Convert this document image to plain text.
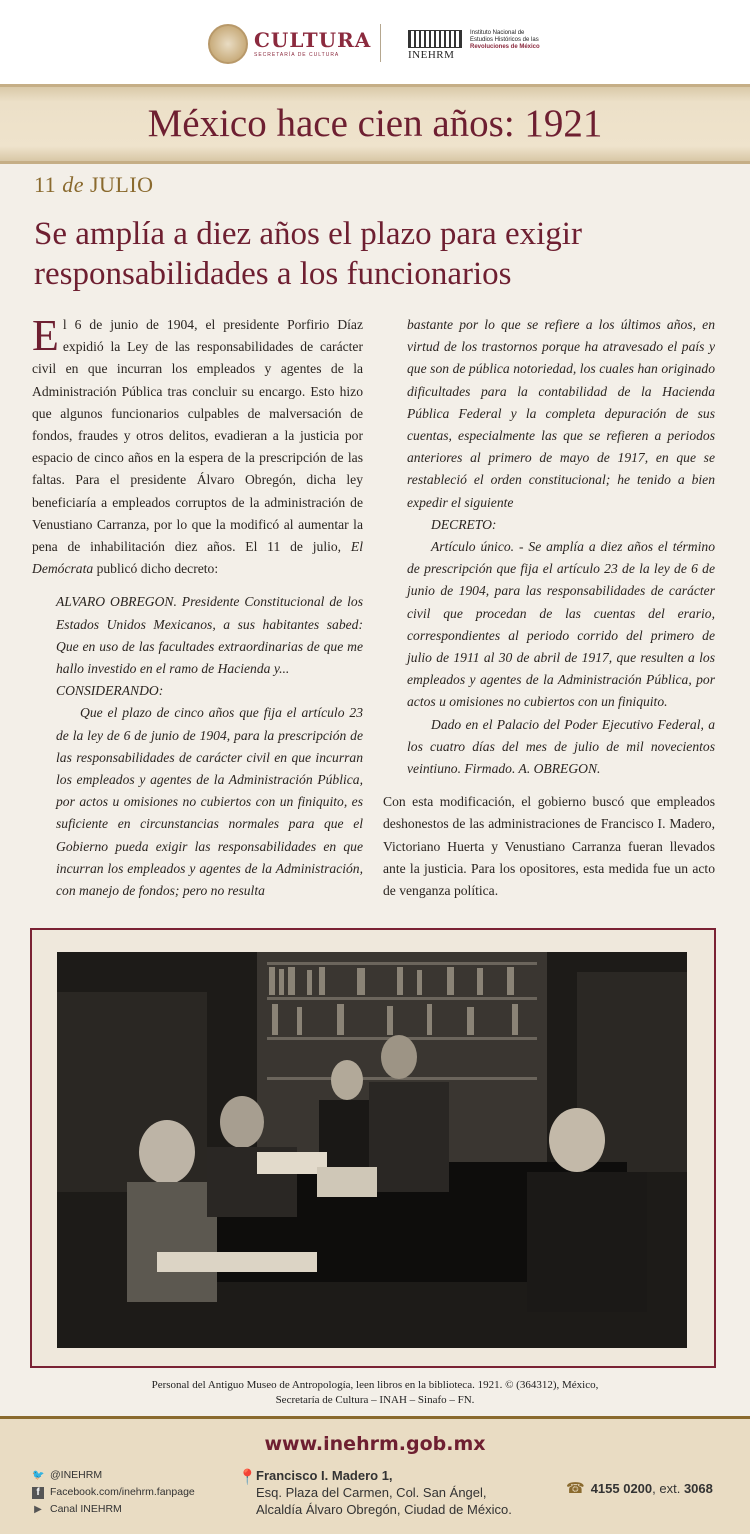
CULTURA
SECRETARÍA DE CULTURA	INEHRM
Instituto Nacional de
Estudios Históricos de las
Revoluciones de México
México hace cien años: 1921
11 de JULIO
Se amplía a diez años el plazo para exigir responsabilidades a los funcionarios

El 6 de junio de 1904, el presidente Porfirio Díaz expidió la Ley de las responsabilidades de carácter civil en que incurran los empleados y agentes de la Administración Pública tras concluir su encargo. Esto hizo que algunos funcionarios culpables de malversación de fondos, fraudes y otros delitos, evadieran a la justicia por espacio de cinco años en la espera de la prescripción de las faltas. Para el presidente Álvaro Obregón, dicha ley beneficiaría a empleados corruptos de la administración de Venustiano Carranza, por lo que la modificó al aumentar la pena de inhabilitación diez años. El 11 de julio, El Demócrata publicó dicho decreto:

ALVARO OBREGON. Presidente Constitucional de los Estados Unidos Mexicanos, a sus habitantes sabed: Que en uso de las facultades extraordinarias de que me hallo investido en el ramo de Hacienda y...

CONSIDERANDO:

Que el plazo de cinco años que fija el artículo 23 de la ley de 6 de junio de 1904, para la prescripción de las responsabilidades de carácter civil en que incurran los empleados y agentes de la Administración Pública, por actos u omisiones no cubiertos con un finiquito, es suficiente en circunstancias normales para que el Gobierno pueda exigir las responsabilidades en que incurran los empleados y agentes de la Administración, con manejo de fondos; pero no resulta

bastante por lo que se refiere a los últimos años, en virtud de los trastornos porque ha atravesado el país y que son de pública notoriedad, los cuales han originado dificultades para la contabilidad de la Hacienda Pública Federal y la completa depuración de sus cuentas, especialmente las que se refieren a periodos anteriores al primero de mayo de 1917, en que se restableció el orden constitucional; he tenido a bien expedir el siguiente

DECRETO:

Artículo único. - Se amplía a diez años el término de prescripción que fija el artículo 23 de la ley de 6 de junio de 1904, para las responsabilidades de carácter civil que procedan de las cuentas del erario, correspondientes al periodo corrido del primero de julio de 1911 al 30 de abril de 1917, que resulten a los empleados y agentes de la Administración Pública, por actos u omisiones no cubiertos con un finiquito.

Dado en el Palacio del Poder Ejecutivo Federal, a los cuatro días del mes de julio de mil novecientos veintiuno. Firmado. A. OBREGON.

Con esta modificación, el gobierno buscó que empleados deshonestos de las administraciones de Francisco I. Madero, Victoriano Huerta y Venustiano Carranza fueran llevados ante la justicia. Para los opositores, esta medida fue un acto de venganza política.

Personal del Antiguo Museo de Antropología, leen libros en la biblioteca. 1921. © (364312), México,
Secretaría de Cultura – INAH – Sinafo – FN.
www.inehrm.gob.mx
🐦 @INEHRM
f Facebook.com/inehrm.fanpage
▶ Canal INEHRM
📍 Francisco I. Madero 1,
Esq. Plaza del Carmen, Col. San Ángel,
Alcaldía Álvaro Obregón, Ciudad de México.
☎ 4155 0200, ext. 3068
